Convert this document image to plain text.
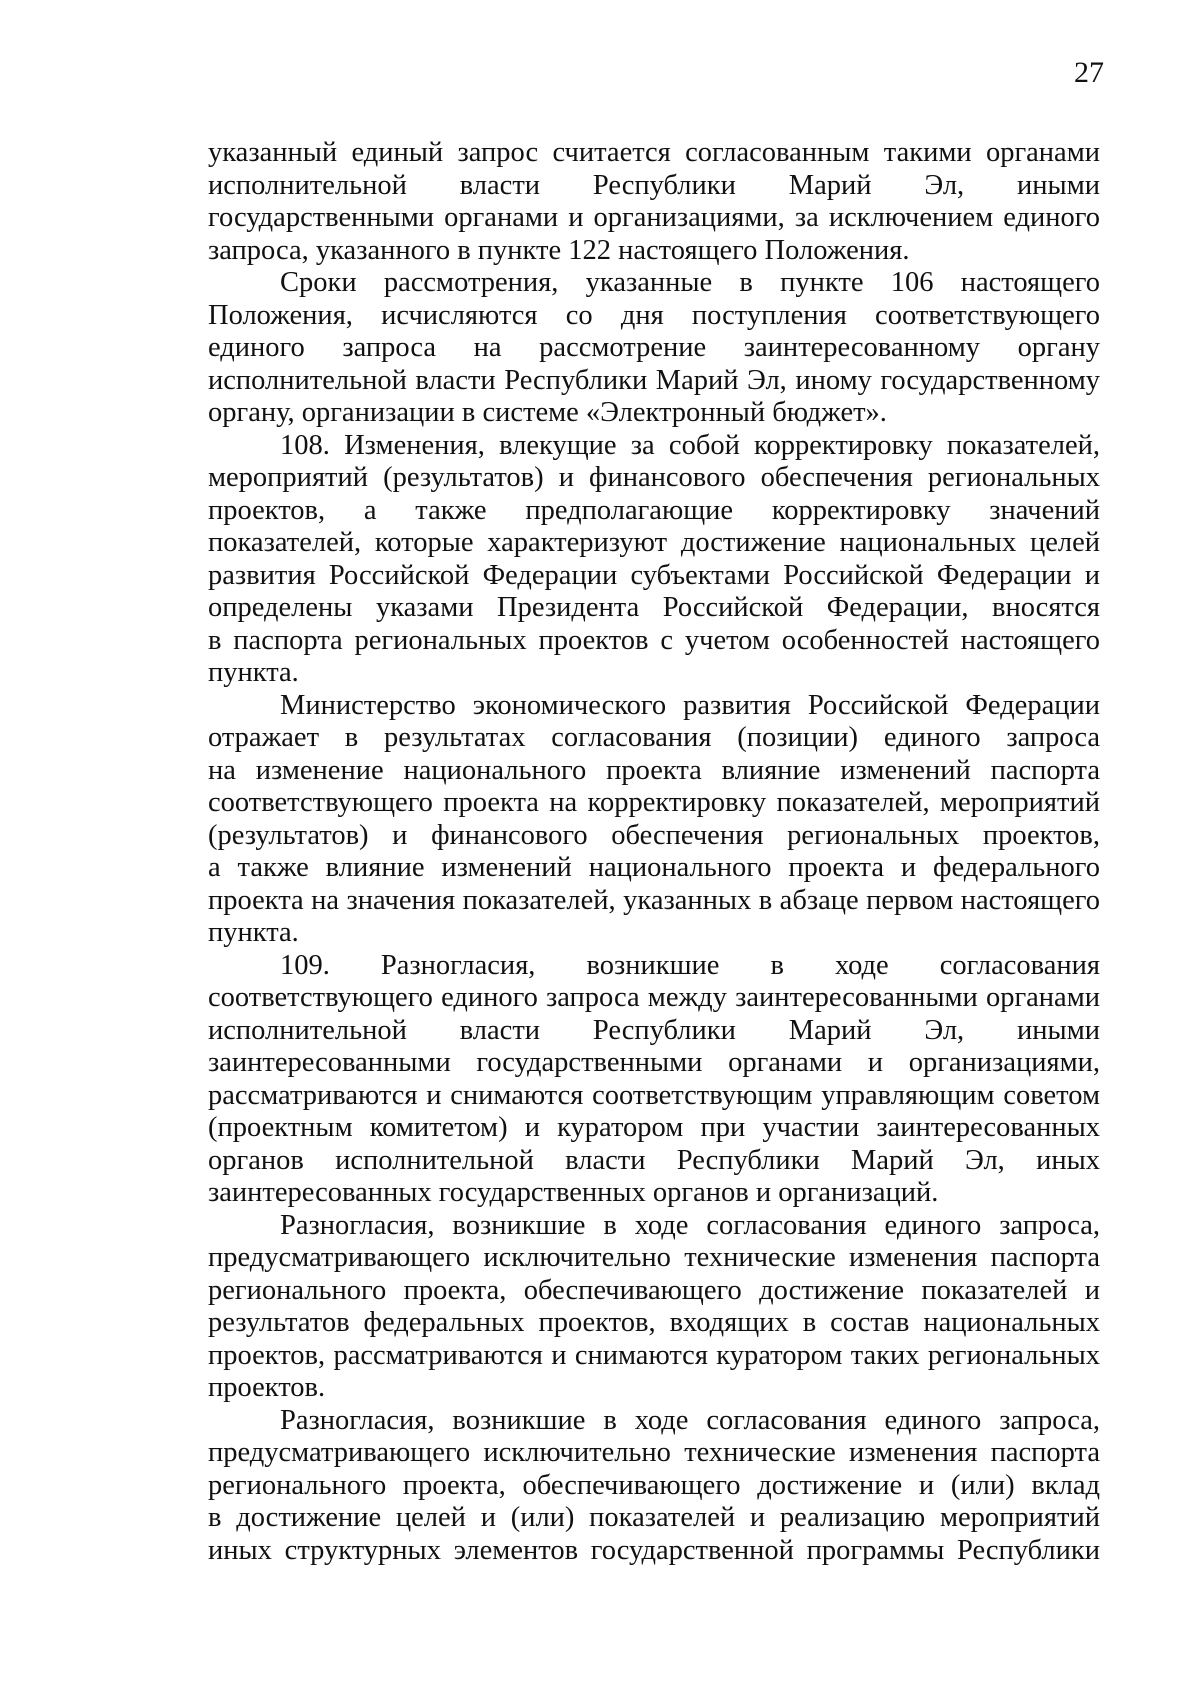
27
указанный единый запрос считается согласованным такими органами
исполнительной власти Республики Марий Эл, иными
государственными органами и организациями, за исключением единого
запроса, указанного в пункте 122 настоящего Положения.
Сроки рассмотрения, указанные в пункте 106 настоящего
Положения, исчисляются со дня поступления соответствующего
единого запроса на рассмотрение заинтересованному органу
исполнительной власти Республики Марий Эл, иному государственному
органу, организации в системе «Электронный бюджет».
108. Изменения, влекущие за собой корректировку показателей,
мероприятий (результатов) и финансового обеспечения региональных
проектов, а также предполагающие корректировку значений
показателей, которые характеризуют достижение национальных целей
развития Российской Федерации субъектами Российской Федерации и
определены указами Президента Российской Федерации, вносятся
в паспорта региональных проектов с учетом особенностей настоящего
пункта.
Министерство экономического развития Российской Федерации
отражает в результатах согласования (позиции) единого запроса
на изменение национального проекта влияние изменений паспорта
соответствующего проекта на корректировку показателей, мероприятий
(результатов) и финансового обеспечения региональных проектов,
а также влияние изменений национального проекта и федерального
проекта на значения показателей, указанных в абзаце первом настоящего
пункта.
109. Разногласия, возникшие в ходе согласования
соответствующего единого запроса между заинтересованными органами
исполнительной власти Республики Марий Эл, иными
заинтересованными государственными органами и организациями,
рассматриваются и снимаются соответствующим управляющим советом
(проектным комитетом) и куратором при участии заинтересованных
органов исполнительной власти Республики Марий Эл, иных
заинтересованных государственных органов и организаций.
Разногласия, возникшие в ходе согласования единого запроса,
предусматривающего исключительно технические изменения паспорта
регионального проекта, обеспечивающего достижение показателей и
результатов федеральных проектов, входящих в состав национальных
проектов, рассматриваются и снимаются куратором таких региональных
проектов.
Разногласия, возникшие в ходе согласования единого запроса,
предусматривающего исключительно технические изменения паспорта
регионального проекта, обеспечивающего достижение и (или) вклад
в достижение целей и (или) показателей и реализацию мероприятий
иных структурных элементов государственной программы Республики
